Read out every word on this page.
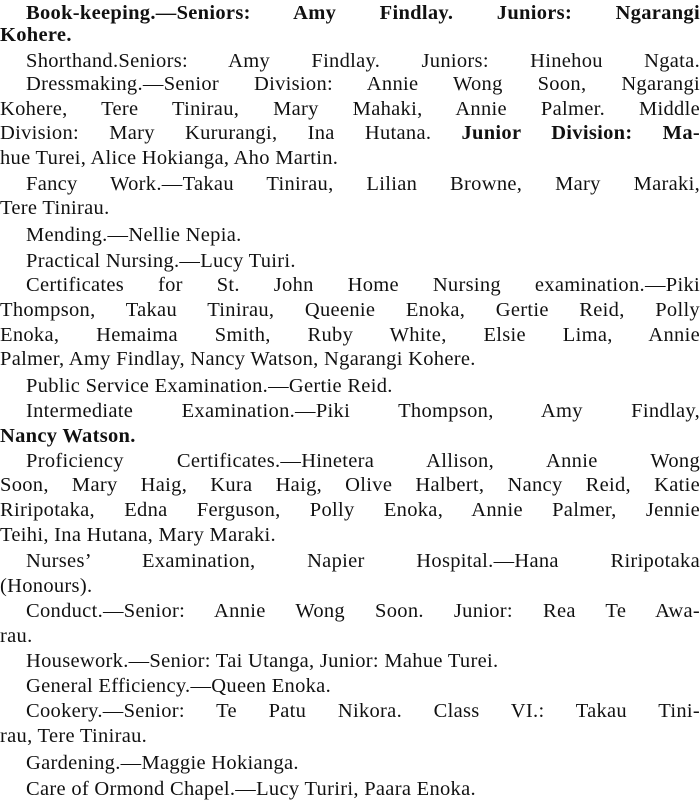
Book-keeping.—Seniors: Amy Findlay. Juniors: Ngarangi
Kohere.
Shorthand.Seniors: Amy Findlay. Juniors: Hinehou Ngata.
Dressmaking.—Senior Division: Annie Wong Soon, Ngarangi
Kohere, Tere Tinirau, Mary Mahaki, Annie Palmer. Middle
Division: Mary Kururangi, Ina Hutana. Junior Division: Ma-
hue Turei, Alice Hokianga, Aho Martin.
Fancy Work.—Takau Tinirau, Lilian Browne, Mary Maraki,
Tere Tinirau.
Mending.—Nellie Nepia.
Practical Nursing.—Lucy Tuiri.
Certificates for St. John Home Nursing examination.—Piki
Thompson, Takau Tinirau, Queenie Enoka, Gertie Reid, Polly
Enoka, Hemaima Smith, Ruby White, Elsie Lima, Annie
Palmer, Amy Findlay, Nancy Watson, Ngarangi Kohere.
Public Service Examination.—Gertie Reid.
Intermediate Examination.—Piki Thompson, Amy Findlay,
Nancy Watson.
Proficiency Certificates.—Hinetera Allison, Annie Wong
Soon, Mary Haig, Kura Haig, Olive Halbert, Nancy Reid, Katie
Riripotaka, Edna Ferguson, Polly Enoka, Annie Palmer, Jennie
Teihi, Ina Hutana, Mary Maraki.
Nurses’ Examination, Napier Hospital.—Hana Riripotaka
(Honours).
Conduct.—Senior: Annie Wong Soon. Junior: Rea Te Awa-
rau.
Housework.—Senior: Tai Utanga, Junior: Mahue Turei.
General Efficiency.—Queen Enoka.
Cookery.—Senior: Te Patu Nikora. Class VI.: Takau Tini-
rau, Tere Tinirau.
Gardening.—Maggie Hokianga.
Care of Ormond Chapel.—Lucy Turiri, Paara Enoka.
